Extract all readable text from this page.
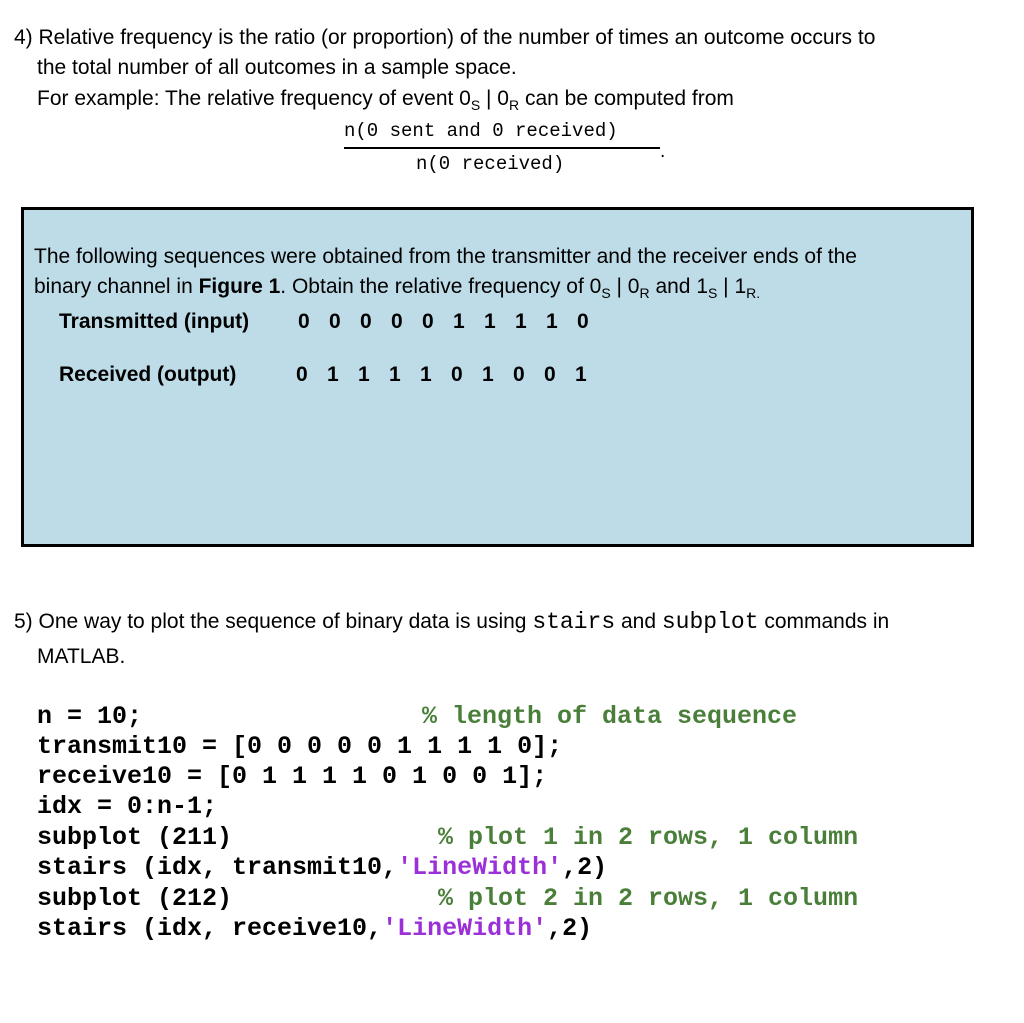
4) Relative frequency is the ratio (or proportion) of the number of times an outcome occurs to
the total number of all outcomes in a sample space.
For example: The relative frequency of event $0_S$ | $0_R$ can be computed from
n(0 sent and 0 received)
.
n(0 received)
The following sequences were obtained from the transmitter and the receiver ends of the
binary channel in Figure 1. Obtain the relative frequency of $0_S$ | $0_R$ and $1_S$ | $1_{R.}$
Transmitted (input) 0 0 0 0 0 1 1 1 1 0
Received (output)	0 1 1 1 1 0 1 0 0 1
5) One way to plot the sequence of binary data is using stairs and subplot commands in
MATLAB.
n = 10;	% length of data sequence
transmit10 = [0 0 0 0 0 1 1 1 1 0];
receive10 = [0 1 1 1 1 0 1 0 0 1];
idx = 0:n-1;
subplot (211)	% plot 1 in 2 rows, 1 column
stairs (idx, transmit10,'LineWidth',2)
subplot (212)	% plot 2 in 2 rows, 1 column
stairs (idx, receive10,'LineWidth',2)
